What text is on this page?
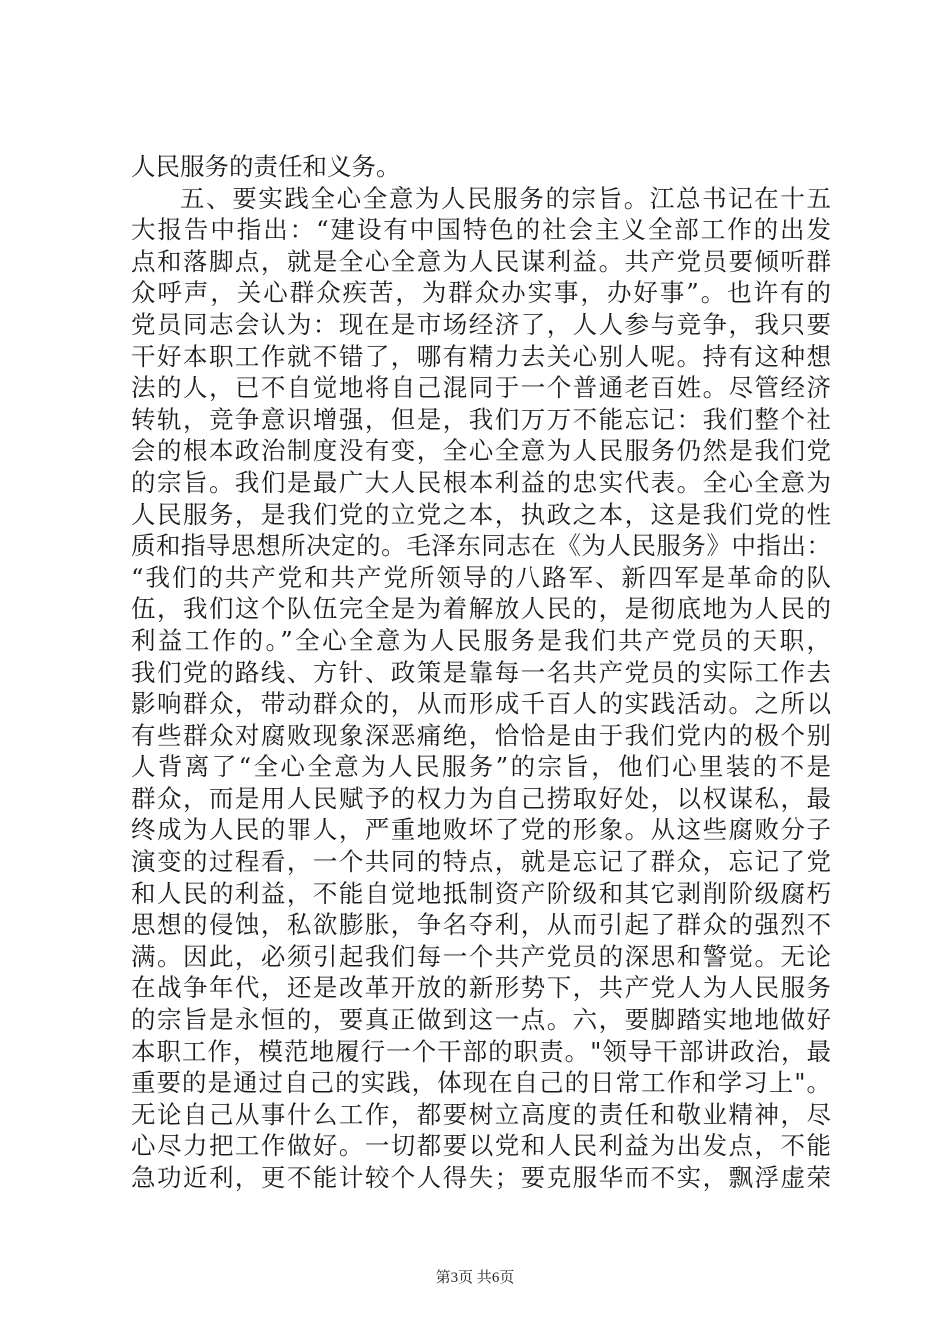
人民服务的责任和义务。
五、要实践全心全意为人民服务的宗旨。江总书记在十五
大报告中指出：“建设有中国特色的社会主义全部工作的出发
点和落脚点，就是全心全意为人民谋利益。共产党员要倾听群
众呼声，关心群众疾苦，为群众办实事，办好事”。也许有的
党员同志会认为：现在是市场经济了，人人参与竞争，我只要
干好本职工作就不错了，哪有精力去关心别人呢。持有这种想
法的人，已不自觉地将自己混同于一个普通老百姓。尽管经济
转轨，竞争意识增强，但是，我们万万不能忘记：我们整个社
会的根本政治制度没有变，全心全意为人民服务仍然是我们党
的宗旨。我们是最广大人民根本利益的忠实代表。全心全意为
人民服务，是我们党的立党之本，执政之本，这是我们党的性
质和指导思想所决定的。毛泽东同志在《为人民服务》中指出：
“我们的共产党和共产党所领导的八路军、新四军是革命的队
伍，我们这个队伍完全是为着解放人民的，是彻底地为人民的
利益工作的。”全心全意为人民服务是我们共产党员的天职，
我们党的路线、方针、政策是靠每一名共产党员的实际工作去
影响群众，带动群众的，从而形成千百人的实践活动。之所以
有些群众对腐败现象深恶痛绝，恰恰是由于我们党内的极个别
人背离了“全心全意为人民服务”的宗旨，他们心里装的不是
群众，而是用人民赋予的权力为自己捞取好处，以权谋私，最
终成为人民的罪人，严重地败坏了党的形象。从这些腐败分子
演变的过程看，一个共同的特点，就是忘记了群众，忘记了党
和人民的利益，不能自觉地抵制资产阶级和其它剥削阶级腐朽
思想的侵蚀，私欲膨胀，争名夺利，从而引起了群众的强烈不
满。因此，必须引起我们每一个共产党员的深思和警觉。无论
在战争年代，还是改革开放的新形势下，共产党人为人民服务
的宗旨是永恒的，要真正做到这一点。六，要脚踏实地地做好
本职工作，模范地履行一个干部的职责。"领导干部讲政治，最
重要的是通过自己的实践，体现在自己的日常工作和学习上"。
无论自己从事什么工作，都要树立高度的责任和敬业精神，尽
心尽力把工作做好。一切都要以党和人民利益为出发点，不能
急功近利，更不能计较个人得失；要克服华而不实，飘浮虚荣
第3页 共6页
